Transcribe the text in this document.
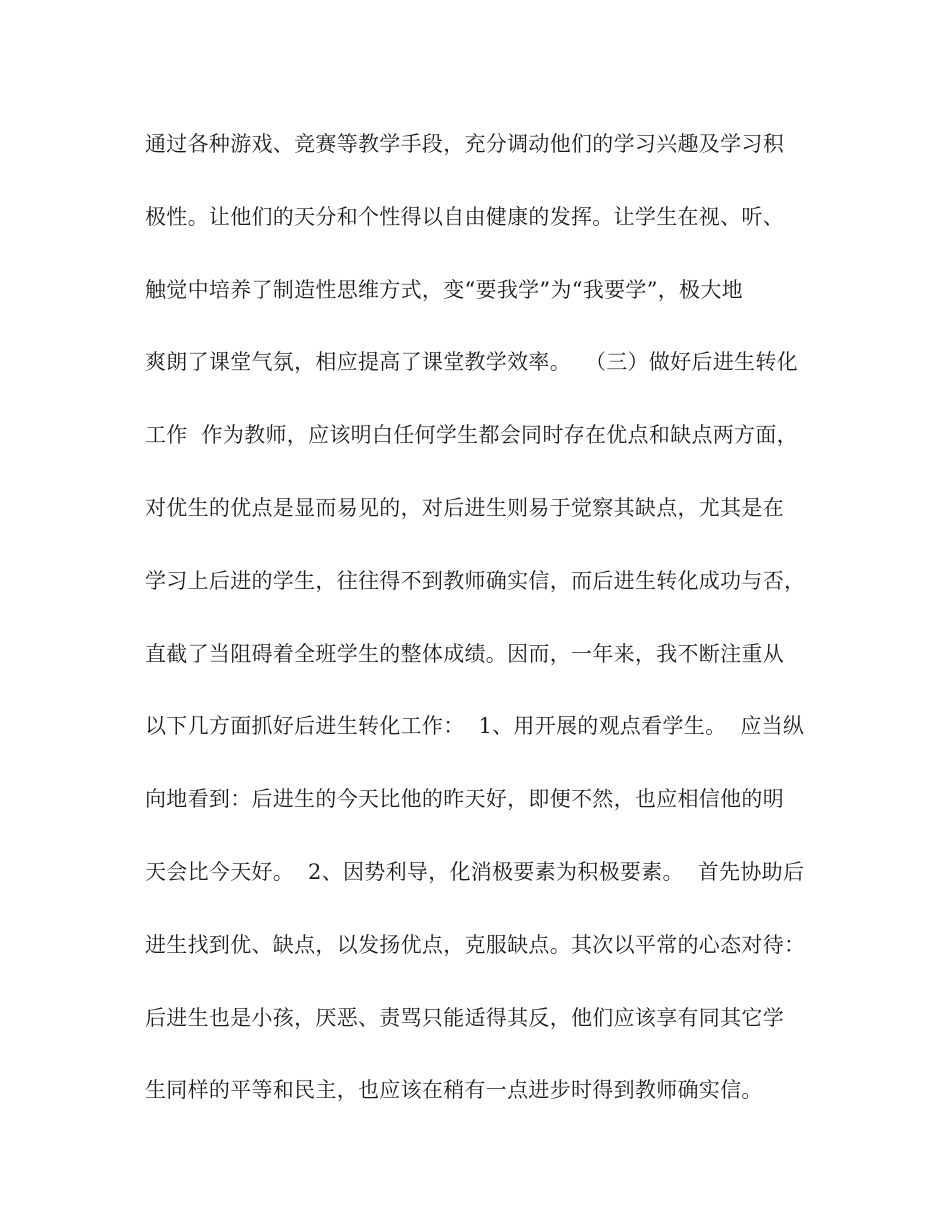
通过各种游戏、竞赛等教学手段，充分调动他们的学习兴趣及学习积
极性。让他们的天分和个性得以自由健康的发挥。让学生在视、听、
触觉中培养了制造性思维方式，变“要我学”为“我要学”，极大地
爽朗了课堂气氛，相应提高了课堂教学效率。  （三）做好后进生转化
工作  作为教师，应该明白任何学生都会同时存在优点和缺点两方面，
对优生的优点是显而易见的，对后进生则易于觉察其缺点，尤其是在
学习上后进的学生，往往得不到教师确实信，而后进生转化成功与否，
直截了当阻碍着全班学生的整体成绩。因而，一年来，我不断注重从
以下几方面抓好后进生转化工作：  1、用开展的观点看学生。  应当纵
向地看到：后进生的今天比他的昨天好，即便不然，也应相信他的明
天会比今天好。  2、因势利导，化消极要素为积极要素。  首先协助后
进生找到优、缺点，以发扬优点，克服缺点。其次以平常的心态对待：
后进生也是小孩，厌恶、责骂只能适得其反，他们应该享有同其它学
生同样的平等和民主，也应该在稍有一点进步时得到教师确实信。
